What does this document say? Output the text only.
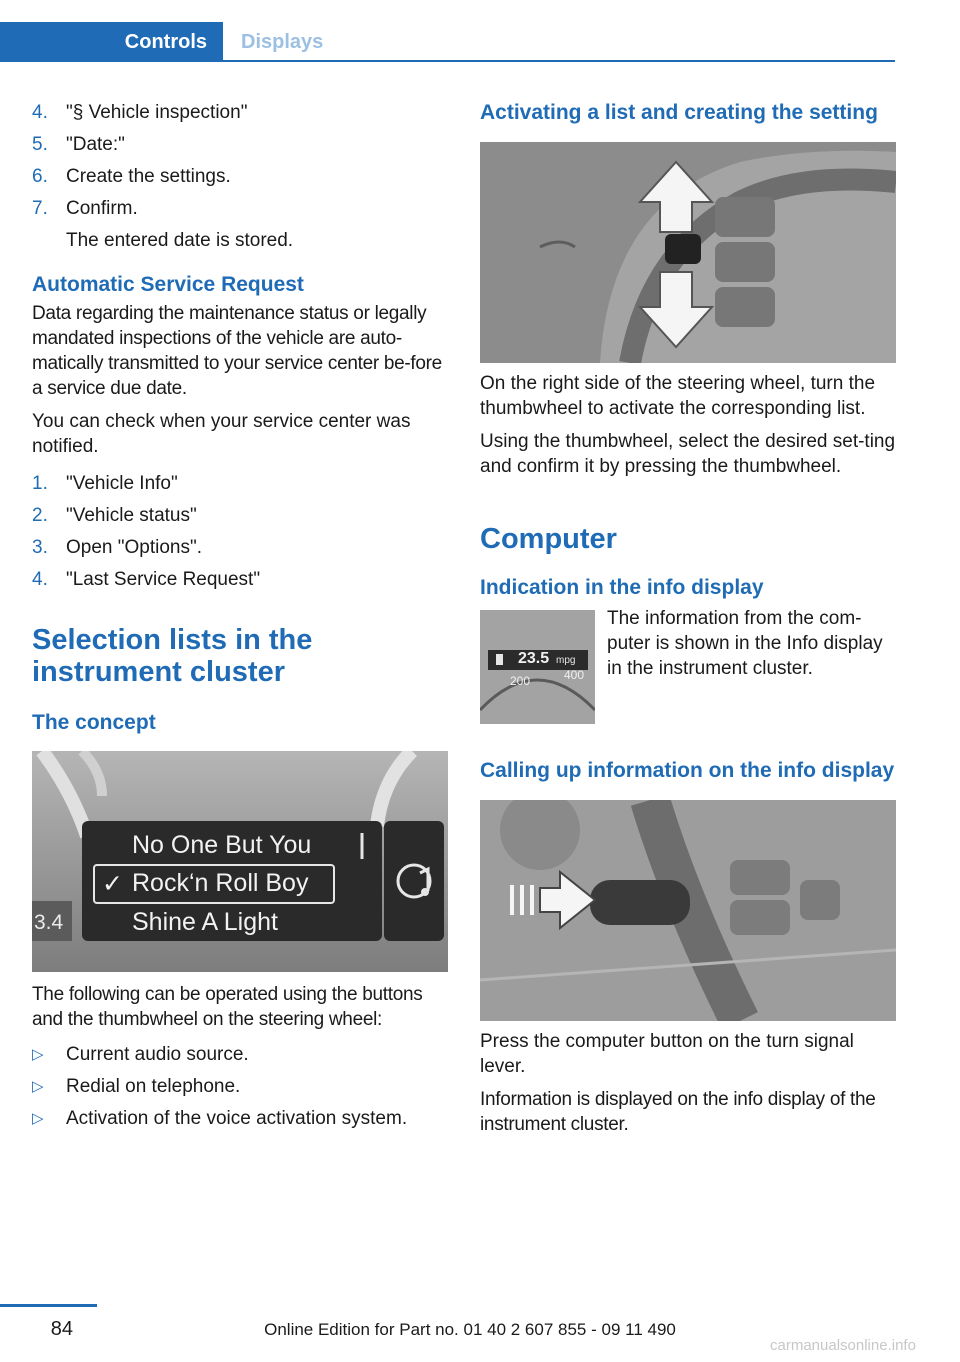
Controls	Displays
4. "§ Vehicle inspection"
5. "Date:"
6. Create the settings.
7. Confirm.
The entered date is stored.
Automatic Service Request

Data regarding the maintenance status or legally mandated inspections of the vehicle are auto‐matically transmitted to your service center be‐fore a service due date.

You can check when your service center was notified.

1. "Vehicle Info"
2. "Vehicle status"
3. Open "Options".
4. "Last Service Request"
Selection lists in the instrument cluster
The concept
No One But You
✓ Rock‘n Roll Boy
Shine A Light
3.4

The following can be operated using the buttons and the thumbwheel on the steering wheel:

▷ Current audio source.
▷ Redial on telephone.
▷ Activation of the voice activation system.
Activating a list and creating the setting

On the right side of the steering wheel, turn the thumbwheel to activate the corresponding list.

Using the thumbwheel, select the desired set‐ting and confirm it by pressing the thumbwheel.

Computer
Indication in the info display
23.5 mpg
200	400

The information from the com‐puter is shown in the Info display in the instrument cluster.

Calling up information on the info display

Press the computer button on the turn signal lever.

Information is displayed on the info display of the instrument cluster.

84	Online Edition for Part no. 01 40 2 607 855 - 09 11 490
carmanualsonline.info
